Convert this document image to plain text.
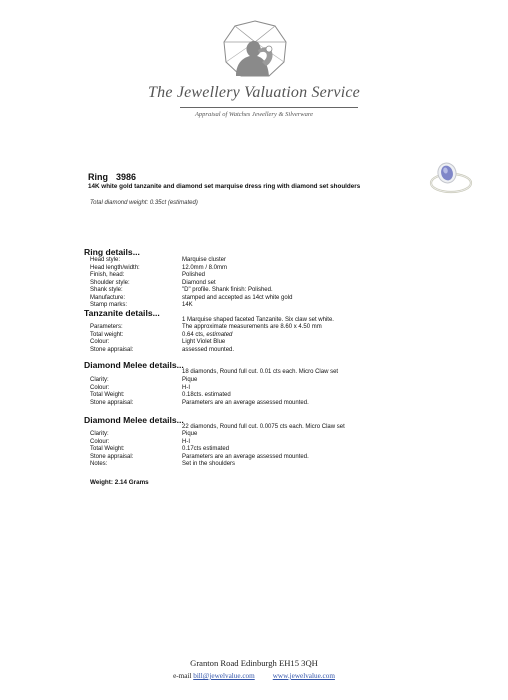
The Jewellery Valuation Service
Appraisal of Watches Jewellery & Silverware
Ring 3986
14K white gold tanzanite and diamond set marquise dress ring with diamond set shoulders
Total diamond weight: 0.35ct (estimated)
Ring details...
Head style:	Marquise cluster
Head length/width:	12.0mm / 8.0mm
Finish, head:	Polished
Shoulder style:	Diamond set
Shank style:	"D" profile. Shank finish: Polished.
Manufacture:	stamped and accepted as 14ct white gold
Stamp marks:	14K
Tanzanite details...
1 Marquise shaped faceted Tanzanite. Six claw set white.
Parameters:	The approximate measurements are 8.60 x 4.50 mm
Total weight:	0.64 cts, estimated
Colour:	Light Violet Blue
Stone appraisal:	assessed mounted.
Diamond Melee details...
18 diamonds, Round full cut. 0.01 cts each. Micro Claw set
Clarity:	Pique
Colour:	H-I
Total Weight:	0.18cts. estimated
Stone appraisal:	Parameters are an average assessed mounted.
Diamond Melee details...
22 diamonds, Round full cut. 0.0075 cts each. Micro Claw set
Clarity:	Pique
Colour:	H-I
Total Weight:	0.17cts estimated
Stone appraisal:	Parameters are an average assessed mounted.
Notes:	Set in the shoulders
Weight: 2.14 Grams
Granton Road Edinburgh EH15 3QH
e-mail bill@jewelvalue.com	www.jewelvalue.com
